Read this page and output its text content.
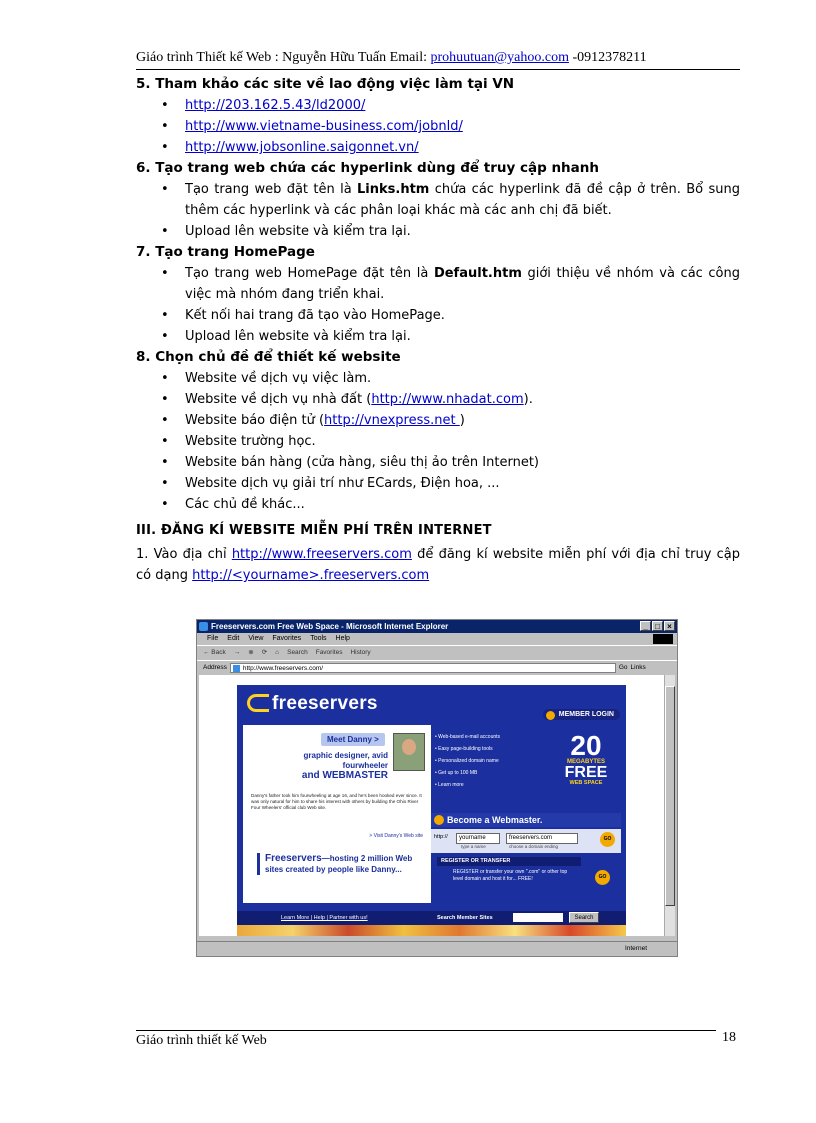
Giáo trình Thiết kế Web : Nguyễn Hữu Tuấn Email: prohuutuan@yahoo.com -0912378211
5. Tham khảo các site về lao động việc làm tại VN
• http://203.162.5.43/ld2000/
• http://www.vietname-business.com/jobnld/
• http://www.jobsonline.saigonnet.vn/
6. Tạo trang web chứa các hyperlink dùng để truy cập nhanh
• Tạo trang web đặt tên là Links.htm chứa các hyperlink đã đề cập ở trên. Bổ sung thêm các hyperlink và các phân loại khác mà các anh chị đã biết.
• Upload lên website và kiểm tra lại.
7. Tạo trang HomePage
• Tạo trang web HomePage đặt tên là Default.htm giới thiệu về nhóm và các công việc mà nhóm đang triển khai.
• Kết nối hai trang đã tạo vào HomePage.
• Upload lên website và kiểm tra lại.
8. Chọn chủ đề để thiết kế website
• Website về dịch vụ việc làm.
• Website về dịch vụ nhà đất (http://www.nhadat.com).
• Website báo điện tử (http://vnexpress.net )
• Website trường học.
• Website bán hàng (cửa hàng, siêu thị ảo trên Internet)
• Website dịch vụ giải trí như ECards, Điện hoa, ...
• Các chủ đề khác...
III. ĐĂNG KÍ WEBSITE MIỄN PHÍ TRÊN INTERNET

1. Vào địa chỉ http://www.freeservers.com để đăng kí website miễn phí với địa chỉ truy cập có dạng http://<yourname>.freeservers.com

Freeservers.com Free Web Space - Microsoft Internet Explorer	_ □ ×
File Edit View Favorites Tools Help
← Back → ⊗ ⟳ ⌂ Search Favorites History
Address	http://www.freeservers.com/	Go Links
freeservers
MEMBER LOGIN
Meet Danny >
graphic designer, avid fourwheeler
and WEBMASTER
Danny's father took him fourwheeling at age 16, and he's been hooked ever since. It was only natural for him to share his interest with others by building the Ohio River Four Wheelers' official club Web site.
> Visit Danny's Web site
Freeservers—hosting 2 million Web sites created by people like Danny...
• Web-based e-mail accounts
• Easy page-building tools
• Personalized domain name
• Get up to 100 MB
• Learn more
20
MEGABYTES
FREE
WEB SPACE
Become a Webmaster.
http://	yourname	freeservers.com
type a name	choose a domain ending
GO
REGISTER OR TRANSFER
REGISTER or transfer your own ".com" or other top level domain and host it for... FREE!	GO
Learn More | Help | Partner with us!	Search Member Sites	Search
Internet
Giáo trình thiết kế Web	18
